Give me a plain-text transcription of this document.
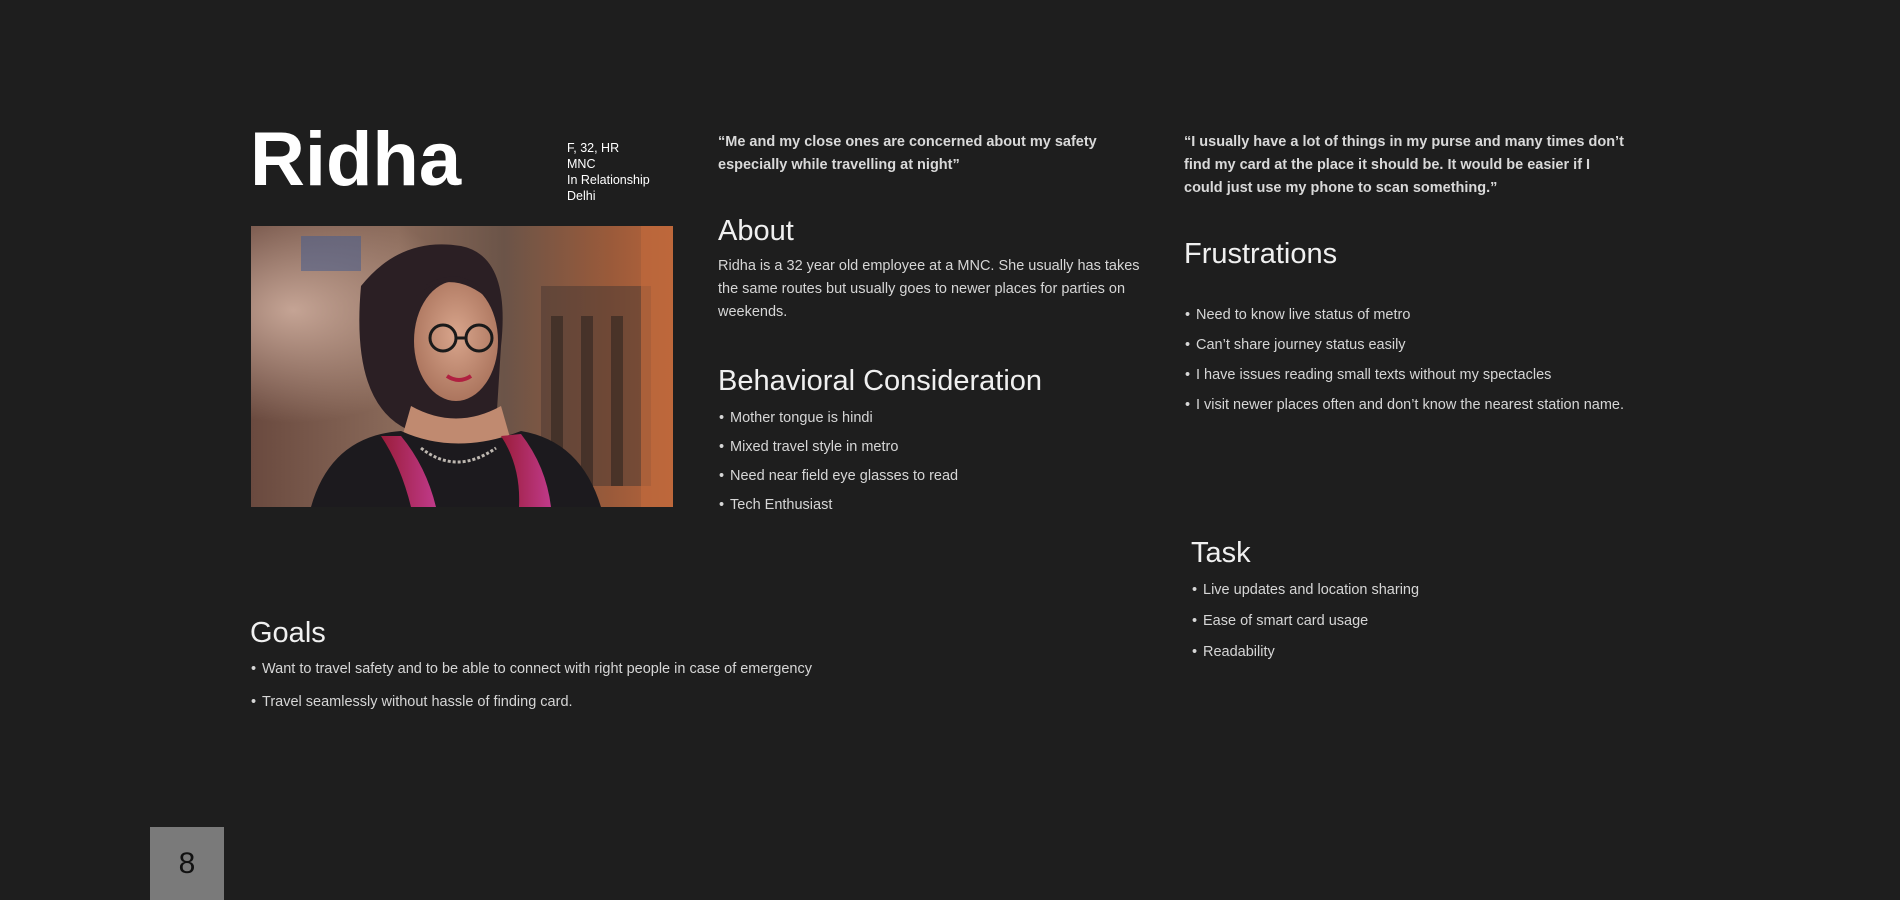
Ridha	F, 32, HR
MNC
In Relationship
Delhi

“Me and my close ones are concerned about my safety especially while travelling at night”

“I usually have a lot of things in my purse and many times don’t find my card at the place it should be. It would be easier if I could just use my phone to scan something.”

About

Ridha is a 32 year old employee at a MNC. She usually has takes the same routes but usually goes to newer places for parties on weekends.

Behavioral Consideration
• Mother tongue is hindi
• Mixed travel style in metro
• Need near field eye glasses to read
• Tech Enthusiast
Frustrations
• Need to know live status of metro
• Can’t share journey status easily
• I have issues reading small texts without my spectacles
• I visit newer places often and don’t know the nearest station name.
Task
• Live updates and location sharing
• Ease of smart card usage
• Readability
Goals
• Want to travel safety and to be able to connect with right people in case of emergency
• Travel seamlessly without hassle of finding card.
8
